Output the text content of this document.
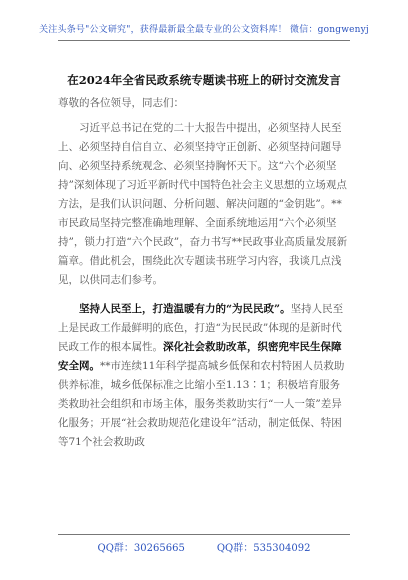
关注头条号"公文研究"，获得最新最全最专业的公文资料库！ 微信：gongwenyj
在2024年全省民政系统专题读书班上的研讨交流发言

尊敬的各位领导，同志们：

习近平总书记在党的二十大报告中提出，必须坚持人民至上、必须坚持自信自立、必须坚持守正创新、必须坚持问题导向、必须坚持系统观念、必须坚持胸怀天下。这“六个必须坚持”深刻体现了习近平新时代中国特色社会主义思想的立场观点方法，是我们认识问题、分析问题、解决问题的“金钥匙”。**市民政局坚持完整准确地理解、全面系统地运用“六个必须坚持”，锁力打造“六个民政”，奋力书写**民政事业高质量发展新篇章。借此机会，围绕此次专题读书班学习内容，我谈几点浅见，以供同志们参考。

坚持人民至上，打造温暖有力的“为民民政”。坚持人民至上是民政工作最鲜明的底色，打造“为民民政”体现的是新时代民政工作的根本属性。深化社会救助改革，织密兜牢民生保障安全网。**市连续11年科学提高城乡低保和农村特困人员救助供养标准，城乡低保标准之比缩小至1.13∶1；积极培育服务类救助社会组织和市场主体，服务类救助实行“一人一策”差异化服务；开展“社会救助规范化建设年”活动，制定低保、特困等71个社会救助政

QQ群：30265665	QQ群：535304092
